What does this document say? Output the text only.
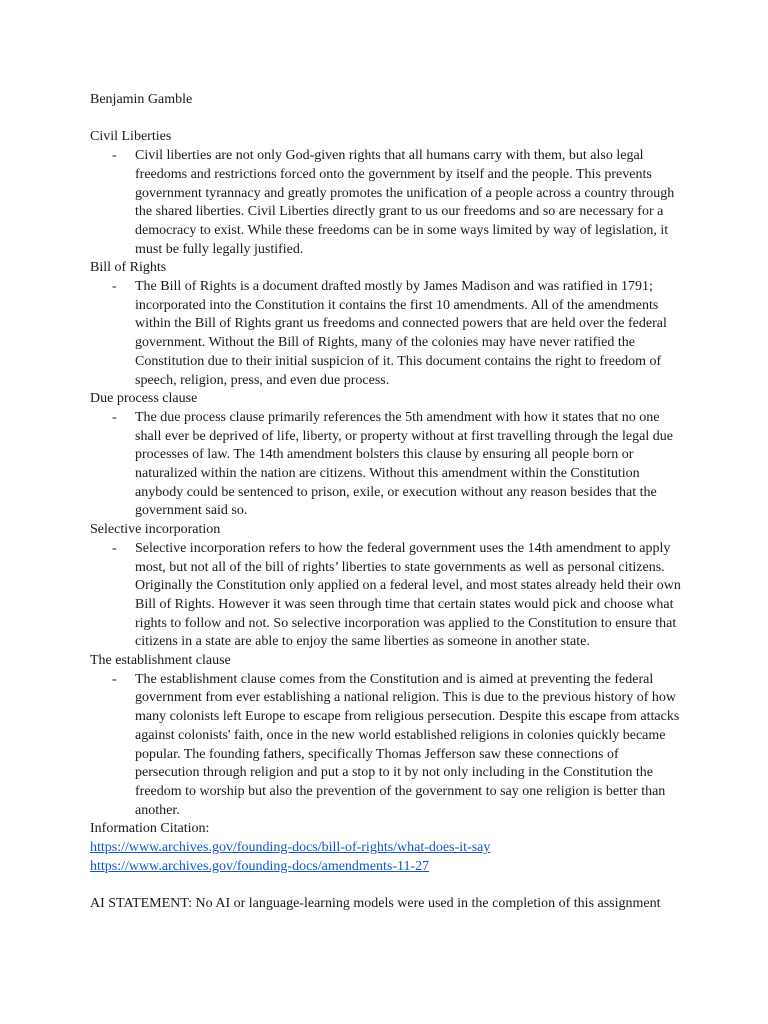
Benjamin Gamble

Civil Liberties

- Civil liberties are not only God-given rights that all humans carry with them, but also legal
freedoms and restrictions forced onto the government by itself and the people. This prevents
government tyrannacy and greatly promotes the unification of a people across a country through
the shared liberties. Civil Liberties directly grant to us our freedoms and so are necessary for a
democracy to exist. While these freedoms can be in some ways limited by way of legislation, it
must be fully legally justified.

Bill of Rights

- The Bill of Rights is a document drafted mostly by James Madison and was ratified in 1791;
incorporated into the Constitution it contains the first 10 amendments. All of the amendments
within the Bill of Rights grant us freedoms and connected powers that are held over the federal
government. Without the Bill of Rights, many of the colonies may have never ratified the
Constitution due to their initial suspicion of it. This document contains the right to freedom of
speech, religion, press, and even due process.

Due process clause

- The due process clause primarily references the 5th amendment with how it states that no one
shall ever be deprived of life, liberty, or property without at first travelling through the legal due
processes of law. The 14th amendment bolsters this clause by ensuring all people born or
naturalized within the nation are citizens. Without this amendment within the Constitution
anybody could be sentenced to prison, exile, or execution without any reason besides that the
government said so.

Selective incorporation

- Selective incorporation refers to how the federal government uses the 14th amendment to apply
most, but not all of the bill of rights’ liberties to state governments as well as personal citizens.
Originally the Constitution only applied on a federal level, and most states already held their own
Bill of Rights. However it was seen through time that certain states would pick and choose what
rights to follow and not. So selective incorporation was applied to the Constitution to ensure that
citizens in a state are able to enjoy the same liberties as someone in another state.

The establishment clause

- The establishment clause comes from the Constitution and is aimed at preventing the federal
government from ever establishing a national religion. This is due to the previous history of how
many colonists left Europe to escape from religious persecution. Despite this escape from attacks
against colonists' faith, once in the new world established religions in colonies quickly became
popular. The founding fathers, specifically Thomas Jefferson saw these connections of
persecution through religion and put a stop to it by not only including in the Constitution the
freedom to worship but also the prevention of the government to say one religion is better than
another.

Information Citation:

https://www.archives.gov/founding-docs/bill-of-rights/what-does-it-say

https://www.archives.gov/founding-docs/amendments-11-27

AI STATEMENT: No AI or language-learning models were used in the completion of this assignment
